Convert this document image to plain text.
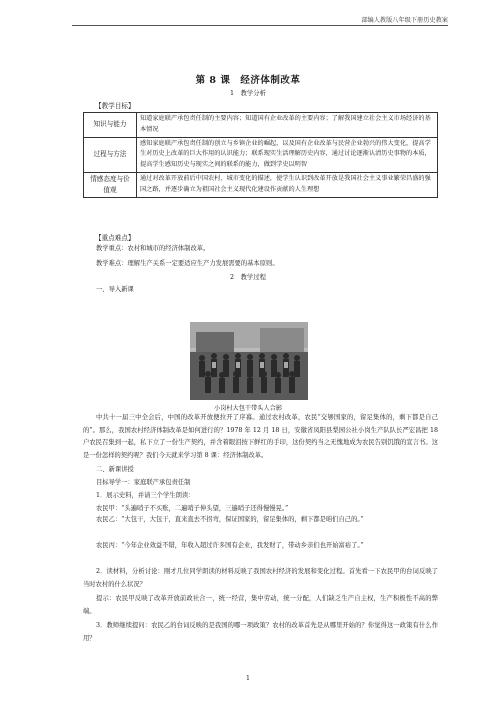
部编人教版八年级下册历史教案
第 8 课　经济体制改革
1　教学分析
【教学目标】
知识与能力	知道家庭联产承包责任制的主要内容；知道国有企业改革的主要内容；了解我国建立社会主义市场经济的基本情况
过程与方法	感知家庭联产承包责任制的创立与乡镇企业的崛起，以及国有企业改革与民营企业勃兴的伟大变化，提高学生对历史上改革的巨大作用的认识能力；联系现实生活理解历史内容，通过讨论逐渐认清历史事物的本质，提高学生感知历史与现实之间的联系的能力，做到学史以明智
情感态度与价值观	通过对改革开放前后中国农村、城市变化的描述，使学生认识到改革开放是我国社会主义事业繁荣昌盛的强国之路，并逐步确立为祖国社会主义现代化建设作贡献的人生理想
【重点难点】
教学重点：农村和城市的经济体制改革。
教学难点：理解生产关系一定要适应生产力发展需要的基本原则。
2　教学过程
一、导入新课
小岗村大包干带头人合影
中共十一届三中全会后，中国的改革开放便拉开了序幕。通过农村改革，农民“交够国家的，留足集体的，剩下都是自己的”。那么，我国农村经济体制改革是如何进行的？1978 年 12 月 18 日，安徽省凤阳县梨园公社小岗生产队队长严宏昌把 18 户农民召集到一起，私下立了一份生产契约，并含着眼泪按下鲜红的手印，这份契约当之无愧地成为农民告别饥饿的宣言书。这是一份怎样的契约呢？我们今天就来学习第 8 课：经济体制改革。
二、新课讲授
目标导学一：家庭联产承包责任制
1．展示史料，并请三个学生朗读：
农民甲：“头遍哨子不买账，二遍哨子伸头望，三遍哨子还得慢慢晃。”
农民乙：“大包干，大包干，直来直去不拐弯，保证国家的，留足集体的，剩下都是咱们自己的。”
农民丙：“今年企业效益不错，年收入超过许多国有企业，我发财了，带动乡亲们也开始富裕了。”
2．读材料，分析讨论：刚才几位同学朗读的材料反映了我国农村经济的发展和变化过程。首先看一下农民甲的台词反映了当时农村的什么状况？
提示：农民甲反映了改革开放前政社合一，统一经营，集中劳动，统一分配，人们缺乏生产自主权，生产积极性不高的弊端。
3．教师继续提问：农民乙的台词反映的是我国的哪一项政策？农村的改革首先是从哪里开始的？你觉得这一政策有什么作用？
1
